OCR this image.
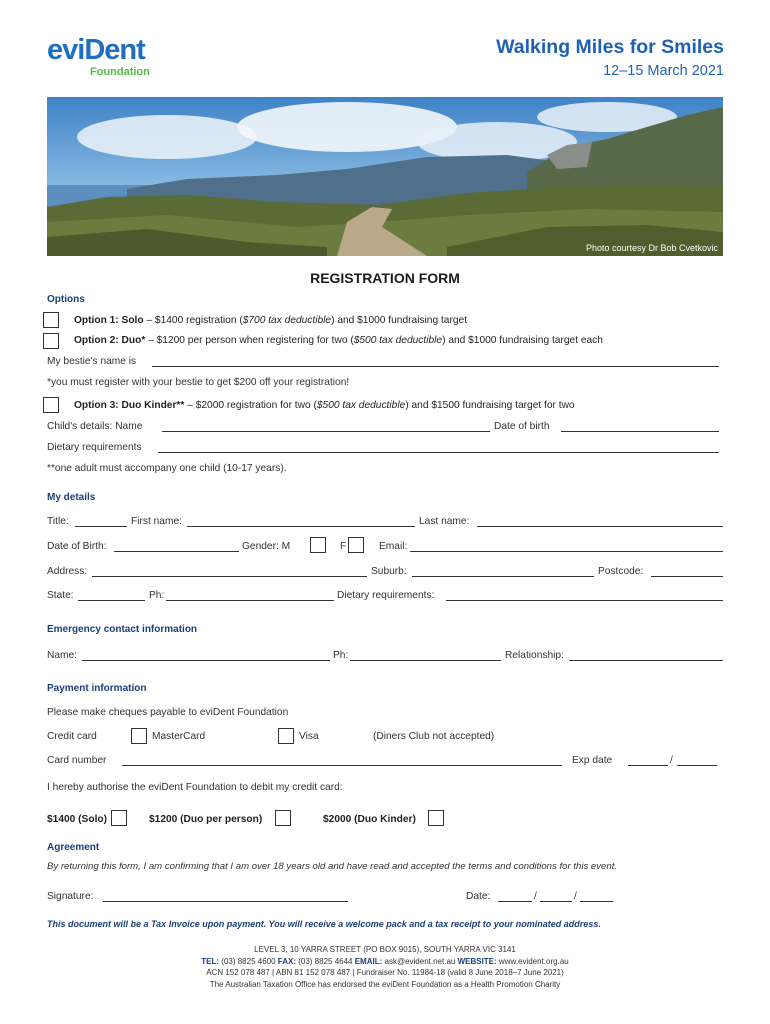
eviDent
Foundation
Walking Miles for Smiles
12–15 March 2021
Photo courtesy Dr Bob Cvetkovic
REGISTRATION FORM
Options
Option 1: Solo – $1400 registration ($700 tax deductible) and $1000 fundraising target
Option 2: Duo* – $1200 per person when registering for two ($500 tax deductible) and $1000 fundraising target each
My bestie's name is
*you must register with your bestie to get $200 off your registration!
Option 3: Duo Kinder** – $2000 registration for two ($500 tax deductible) and $1500 fundraising target for two
Child's details: Name	Date of birth
Dietary requirements
**one adult must accompany one child (10-17 years).
My details
Title:	First name:	Last name:
Date of Birth:	Gender: M	F	Email:
Address:	Suburb:	Postcode:
State:	Ph:	Dietary requirements:
Emergency contact information
Name:	Ph:	Relationship:
Payment information
Please make cheques payable to eviDent Foundation
Credit card	MasterCard	Visa	(Diners Club not accepted)
Card number	Exp date	/
I hereby authorise the eviDent Foundation to debit my credit card:
$1400 (Solo)	$1200 (Duo per person)	$2000 (Duo Kinder)
Agreement
By returning this form, I am confirming that I am over 18 years old and have read and accepted the terms and conditions for this event.
Signature:	Date:	/	/
This document will be a Tax Invoice upon payment. You will receive a welcome pack and a tax receipt to your nominated address.
LEVEL 3, 10 YARRA STREET (PO BOX 9015), SOUTH YARRA VIC 3141
TEL: (03) 8825 4600 FAX: (03) 8825 4644 EMAIL: ask@evident.net.au WEBSITE: www.evident.org.au
ACN 152 078 487 | ABN 81 152 078 487 | Fundraiser No. 11984-18 (valid 8 June 2018–7 June 2021)
The Australian Taxation Office has endorsed the eviDent Foundation as a Health Promotion Charity
